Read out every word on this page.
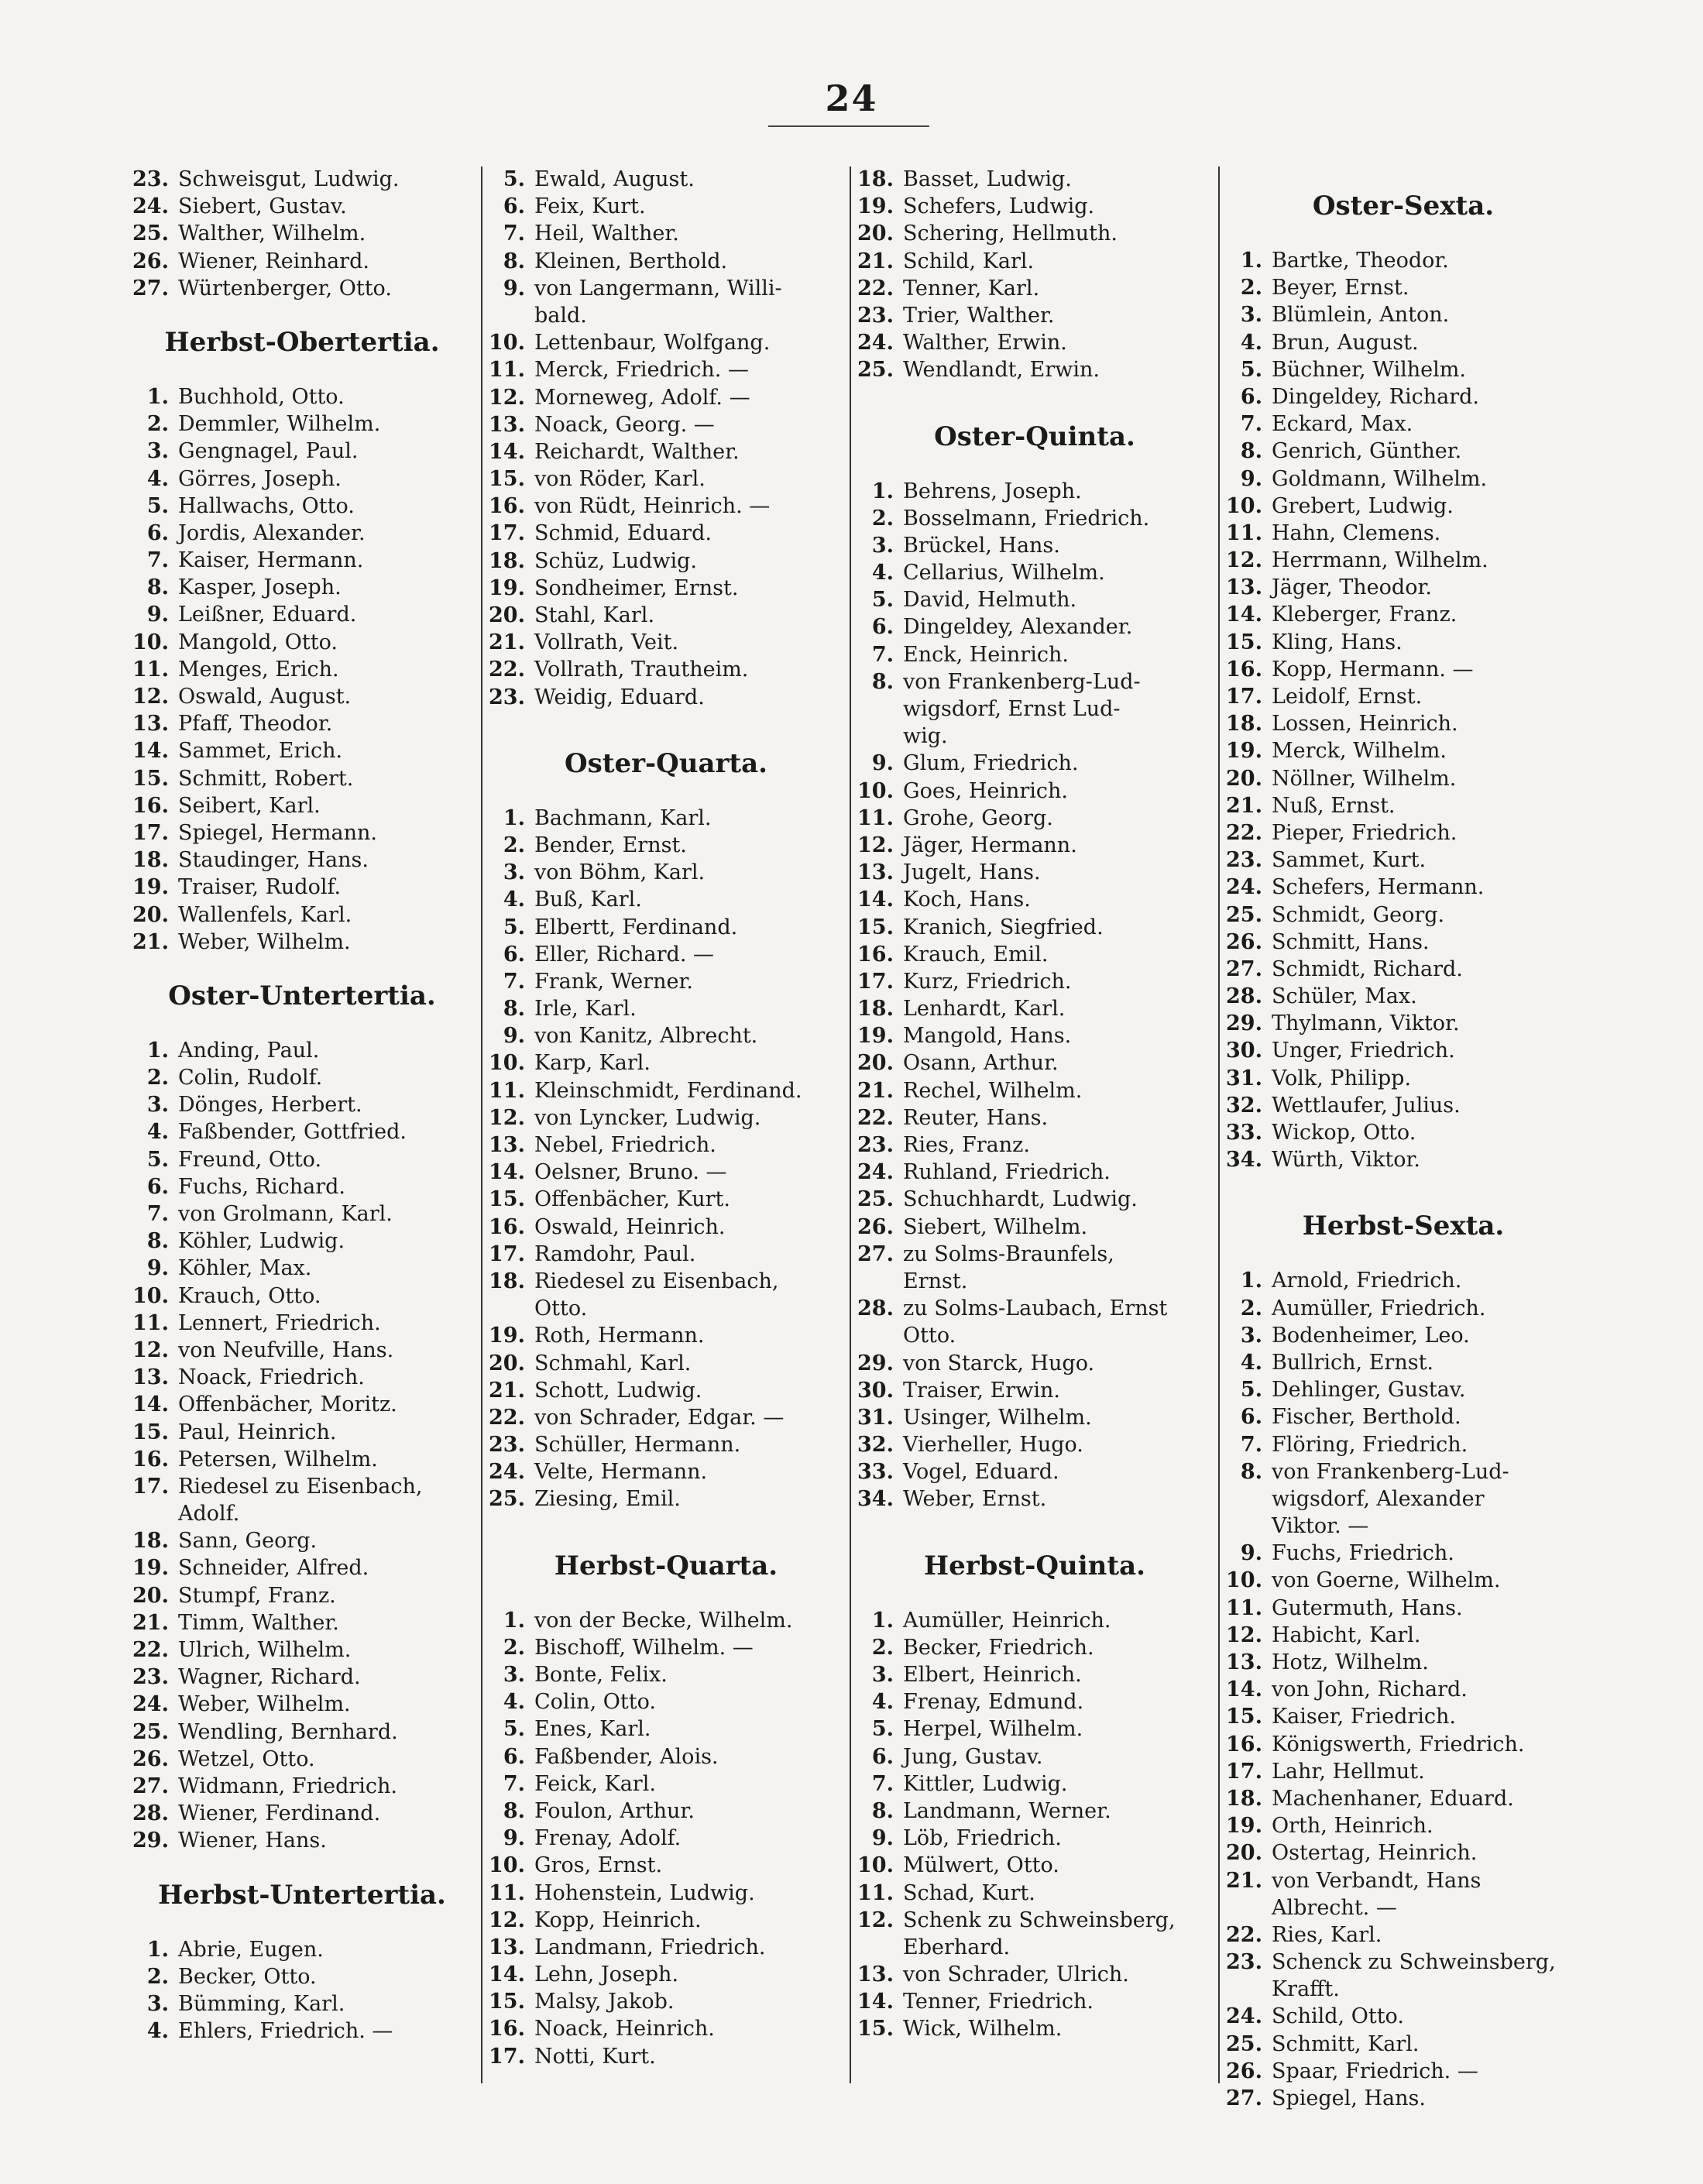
24
23. Schweisgut, Ludwig.
24. Siebert, Gustav.
25. Walther, Wilhelm.
26. Wiener, Reinhard.
27. Würtenberger, Otto.
Herbst-Obertertia.
1. Buchhold, Otto.
2. Demmler, Wilhelm.
3. Gengnagel, Paul.
4. Görres, Joseph.
5. Hallwachs, Otto.
6. Jordis, Alexander.
7. Kaiser, Hermann.
8. Kasper, Joseph.
9. Leißner, Eduard.
10. Mangold, Otto.
11. Menges, Erich.
12. Oswald, August.
13. Pfaff, Theodor.
14. Sammet, Erich.
15. Schmitt, Robert.
16. Seibert, Karl.
17. Spiegel, Hermann.
18. Staudinger, Hans.
19. Traiser, Rudolf.
20. Wallenfels, Karl.
21. Weber, Wilhelm.
Oster-Untertertia.
1. Anding, Paul.
2. Colin, Rudolf.
3. Dönges, Herbert.
4. Faßbender, Gottfried.
5. Freund, Otto.
6. Fuchs, Richard.
7. von Grolmann, Karl.
8. Köhler, Ludwig.
9. Köhler, Max.
10. Krauch, Otto.
11. Lennert, Friedrich.
12. von Neufville, Hans.
13. Noack, Friedrich.
14. Offenbächer, Moritz.
15. Paul, Heinrich.
16. Petersen, Wilhelm.
17. Riedesel zu Eisenbach,
Adolf.
18. Sann, Georg.
19. Schneider, Alfred.
20. Stumpf, Franz.
21. Timm, Walther.
22. Ulrich, Wilhelm.
23. Wagner, Richard.
24. Weber, Wilhelm.
25. Wendling, Bernhard.
26. Wetzel, Otto.
27. Widmann, Friedrich.
28. Wiener, Ferdinand.
29. Wiener, Hans.
Herbst-Untertertia.
1. Abrie, Eugen.
2. Becker, Otto.
3. Bümming, Karl.
4. Ehlers, Friedrich. —
5. Ewald, August.
6. Feix, Kurt.
7. Heil, Walther.
8. Kleinen, Berthold.
9. von Langermann, Willi-
bald.
10. Lettenbaur, Wolfgang.
11. Merck, Friedrich. —
12. Morneweg, Adolf. —
13. Noack, Georg. —
14. Reichardt, Walther.
15. von Röder, Karl.
16. von Rüdt, Heinrich. —
17. Schmid, Eduard.
18. Schüz, Ludwig.
19. Sondheimer, Ernst.
20. Stahl, Karl.
21. Vollrath, Veit.
22. Vollrath, Trautheim.
23. Weidig, Eduard.
Oster-Quarta.
1. Bachmann, Karl.
2. Bender, Ernst.
3. von Böhm, Karl.
4. Buß, Karl.
5. Elbertt, Ferdinand.
6. Eller, Richard. —
7. Frank, Werner.
8. Irle, Karl.
9. von Kanitz, Albrecht.
10. Karp, Karl.
11. Kleinschmidt, Ferdinand.
12. von Lyncker, Ludwig.
13. Nebel, Friedrich.
14. Oelsner, Bruno. —
15. Offenbächer, Kurt.
16. Oswald, Heinrich.
17. Ramdohr, Paul.
18. Riedesel zu Eisenbach,
Otto.
19. Roth, Hermann.
20. Schmahl, Karl.
21. Schott, Ludwig.
22. von Schrader, Edgar. —
23. Schüller, Hermann.
24. Velte, Hermann.
25. Ziesing, Emil.
Herbst-Quarta.
1. von der Becke, Wilhelm.
2. Bischoff, Wilhelm. —
3. Bonte, Felix.
4. Colin, Otto.
5. Enes, Karl.
6. Faßbender, Alois.
7. Feick, Karl.
8. Foulon, Arthur.
9. Frenay, Adolf.
10. Gros, Ernst.
11. Hohenstein, Ludwig.
12. Kopp, Heinrich.
13. Landmann, Friedrich.
14. Lehn, Joseph.
15. Malsy, Jakob.
16. Noack, Heinrich.
17. Notti, Kurt.
18. Basset, Ludwig.
19. Schefers, Ludwig.
20. Schering, Hellmuth.
21. Schild, Karl.
22. Tenner, Karl.
23. Trier, Walther.
24. Walther, Erwin.
25. Wendlandt, Erwin.
Oster-Quinta.
1. Behrens, Joseph.
2. Bosselmann, Friedrich.
3. Brückel, Hans.
4. Cellarius, Wilhelm.
5. David, Helmuth.
6. Dingeldey, Alexander.
7. Enck, Heinrich.
8. von Frankenberg-Lud-
wigsdorf, Ernst Lud-
wig.
9. Glum, Friedrich.
10. Goes, Heinrich.
11. Grohe, Georg.
12. Jäger, Hermann.
13. Jugelt, Hans.
14. Koch, Hans.
15. Kranich, Siegfried.
16. Krauch, Emil.
17. Kurz, Friedrich.
18. Lenhardt, Karl.
19. Mangold, Hans.
20. Osann, Arthur.
21. Rechel, Wilhelm.
22. Reuter, Hans.
23. Ries, Franz.
24. Ruhland, Friedrich.
25. Schuchhardt, Ludwig.
26. Siebert, Wilhelm.
27. zu Solms-Braunfels,
Ernst.
28. zu Solms-Laubach, Ernst
Otto.
29. von Starck, Hugo.
30. Traiser, Erwin.
31. Usinger, Wilhelm.
32. Vierheller, Hugo.
33. Vogel, Eduard.
34. Weber, Ernst.
Herbst-Quinta.
1. Aumüller, Heinrich.
2. Becker, Friedrich.
3. Elbert, Heinrich.
4. Frenay, Edmund.
5. Herpel, Wilhelm.
6. Jung, Gustav.
7. Kittler, Ludwig.
8. Landmann, Werner.
9. Löb, Friedrich.
10. Mülwert, Otto.
11. Schad, Kurt.
12. Schenk zu Schweinsberg,
Eberhard.
13. von Schrader, Ulrich.
14. Tenner, Friedrich.
15. Wick, Wilhelm.
Oster-Sexta.
1. Bartke, Theodor.
2. Beyer, Ernst.
3. Blümlein, Anton.
4. Brun, August.
5. Büchner, Wilhelm.
6. Dingeldey, Richard.
7. Eckard, Max.
8. Genrich, Günther.
9. Goldmann, Wilhelm.
10. Grebert, Ludwig.
11. Hahn, Clemens.
12. Herrmann, Wilhelm.
13. Jäger, Theodor.
14. Kleberger, Franz.
15. Kling, Hans.
16. Kopp, Hermann. —
17. Leidolf, Ernst.
18. Lossen, Heinrich.
19. Merck, Wilhelm.
20. Nöllner, Wilhelm.
21. Nuß, Ernst.
22. Pieper, Friedrich.
23. Sammet, Kurt.
24. Schefers, Hermann.
25. Schmidt, Georg.
26. Schmitt, Hans.
27. Schmidt, Richard.
28. Schüler, Max.
29. Thylmann, Viktor.
30. Unger, Friedrich.
31. Volk, Philipp.
32. Wettlaufer, Julius.
33. Wickop, Otto.
34. Würth, Viktor.
Herbst-Sexta.
1. Arnold, Friedrich.
2. Aumüller, Friedrich.
3. Bodenheimer, Leo.
4. Bullrich, Ernst.
5. Dehlinger, Gustav.
6. Fischer, Berthold.
7. Flöring, Friedrich.
8. von Frankenberg-Lud-
wigsdorf, Alexander
Viktor. —
9. Fuchs, Friedrich.
10. von Goerne, Wilhelm.
11. Gutermuth, Hans.
12. Habicht, Karl.
13. Hotz, Wilhelm.
14. von John, Richard.
15. Kaiser, Friedrich.
16. Königswerth, Friedrich.
17. Lahr, Hellmut.
18. Machenhaner, Eduard.
19. Orth, Heinrich.
20. Ostertag, Heinrich.
21. von Verbandt, Hans
Albrecht. —
22. Ries, Karl.
23. Schenck zu Schweinsberg,
Krafft.
24. Schild, Otto.
25. Schmitt, Karl.
26. Spaar, Friedrich. —
27. Spiegel, Hans.
